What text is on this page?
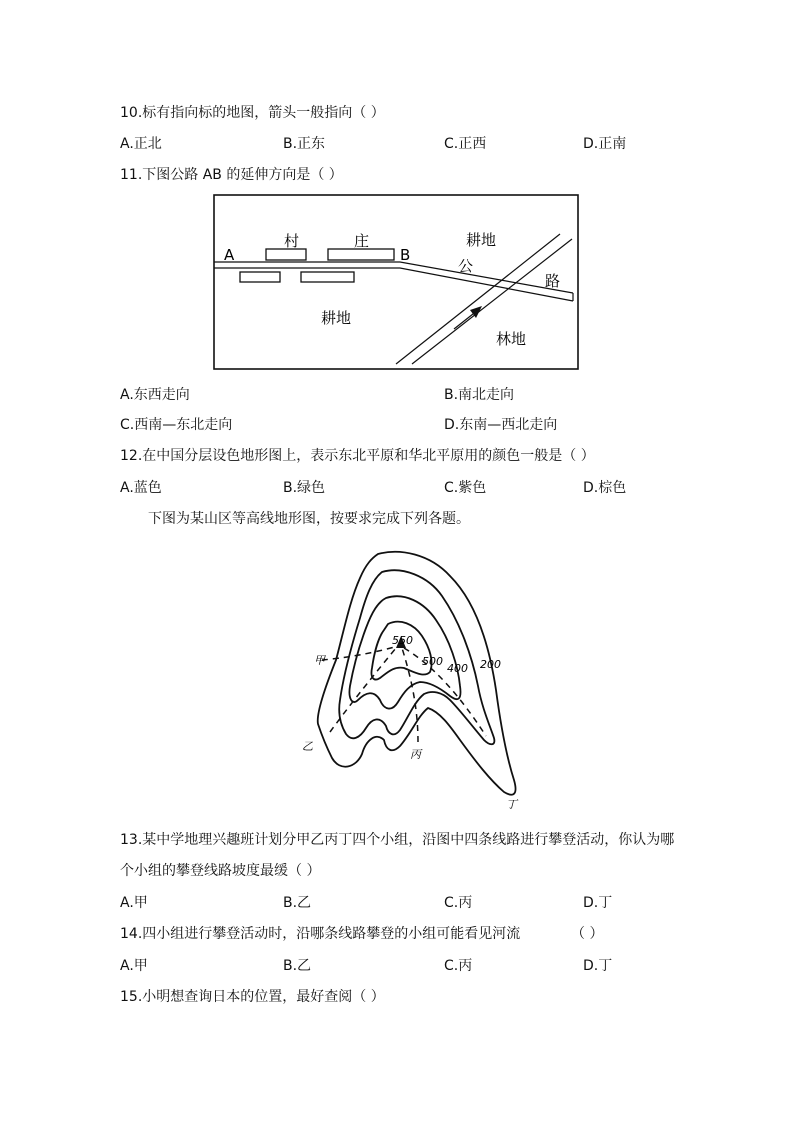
10.标有指向标的地图，箭头一般指向（ ）
A.正北	B.正东	C.正西	D.正南
11.下图公路 AB 的延伸方向是（ ）
A	B
村	庄	耕地
公
路
耕地
林地
A.东西走向	B.南北走向
C.西南—东北走向	D.东南—西北走向
12.在中国分层设色地形图上，表示东北平原和华北平原用的颜色一般是（ ）
A.蓝色	B.绿色	C.紫色	D.棕色
下图为某山区等高线地形图，按要求完成下列各题。
550
500
400 200
甲
乙
丙
丁
13.某中学地理兴趣班计划分甲乙丙丁四个小组，沿图中四条线路进行攀登活动，你认为哪
个小组的攀登线路坡度最缓（ ）
A.甲	B.乙	C.丙	D.丁
14.四小组进行攀登活动时，沿哪条线路攀登的小组可能看见河流	（ ）
A.甲	B.乙	C.丙	D.丁
15.小明想查询日本的位置，最好查阅（ ）
